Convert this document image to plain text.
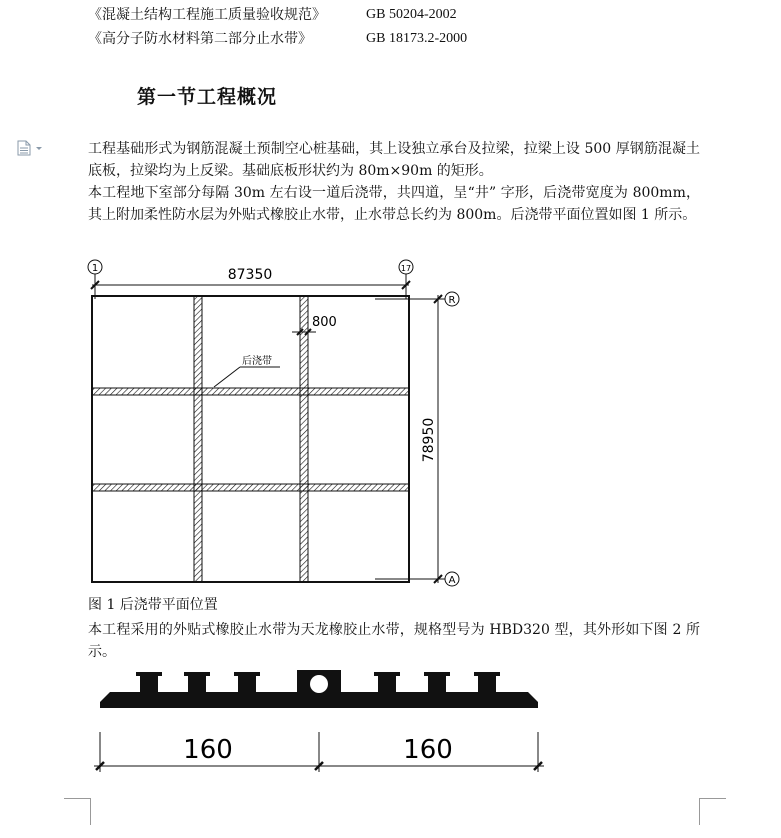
《混凝土结构工程施工质量验收规范》	GB 50204-2002
《高分子防水材料第二部分止水带》	GB 18173.2-2000
第一节工程概况
工程基础形式为钢筋混凝土预制空心桩基础，其上设独立承台及拉梁，拉梁上设 500 厚钢筋混凝土底板，拉梁均为上反梁。基础底板形状约为 80m×90m 的矩形。
本工程地下室部分每隔 30m 左右设一道后浇带，共四道，呈“井” 字形，后浇带宽度为 800mm，其上附加柔性防水层为外贴式橡胶止水带，止水带总长约为 800m。后浇带平面位置如图 1 所示。
1	17
87350
800
后浇带
R
A
78950
图 1 后浇带平面位置
本工程采用的外贴式橡胶止水带为天龙橡胶止水带，规格型号为 HBD320 型，其外形如下图 2 所示。
160	160
